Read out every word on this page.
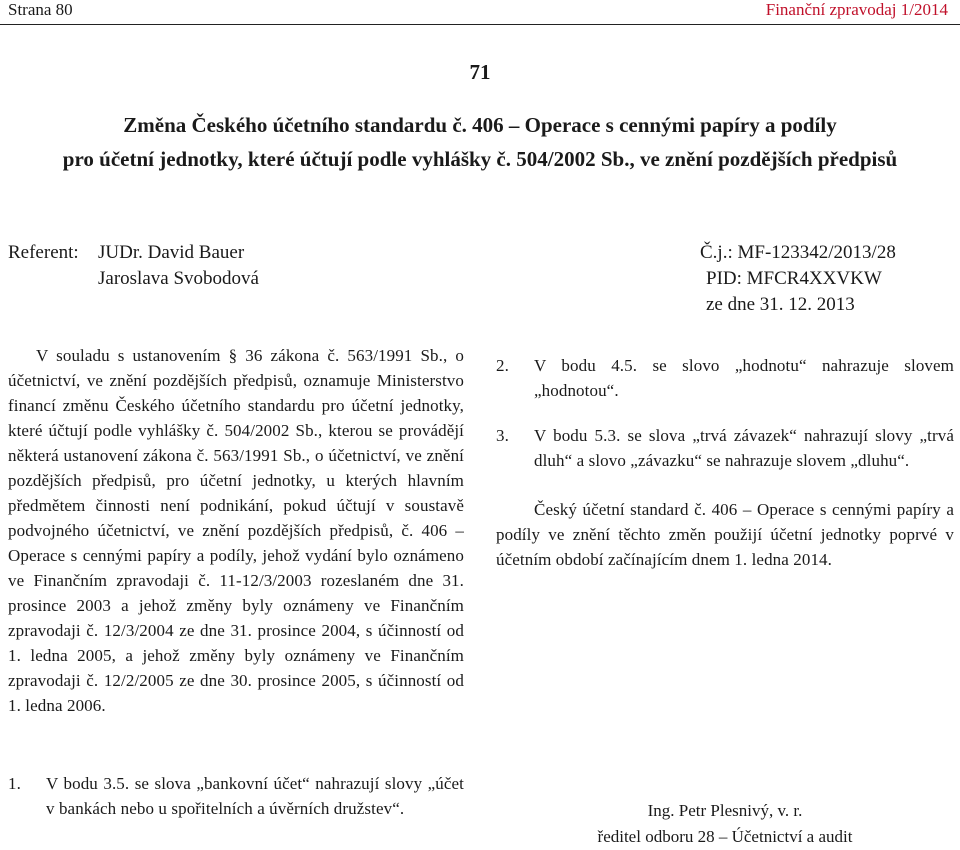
Strana 80	Finanční zpravodaj 1/2014
71
Změna Českého účetního standardu č. 406 – Operace s cennými papíry a podíly
pro účetní jednotky, které účtují podle vyhlášky č. 504/2002 Sb., ve znění pozdějších předpisů
Referent: JUDr. David Bauer
Jaroslava Svobodová
Č.j.: MF-123342/2013/28
PID: MFCR4XXVKW
ze dne 31. 12. 2013

V souladu s ustanovením § 36 zákona č. 563/1991 Sb., o účetnictví, ve znění pozdějších předpisů, oznamuje Ministerstvo financí změnu Českého účetního standardu pro účetní jednotky, které účtují podle vyhlášky č. 504/2002 Sb., kterou se provádějí některá ustanovení zákona č. 563/1991 Sb., o účetnictví, ve znění pozdějších předpisů, pro účetní jednotky, u kterých hlavním předmětem činnosti není podnikání, pokud účtují v soustavě podvojného účetnictví, ve znění pozdějších předpisů, č. 406 – Operace s cennými papíry a podíly, jehož vydání bylo oznámeno ve Finančním zpravodaji č. 11-12/3/2003 rozeslaném dne 31. prosince 2003 a jehož změny byly oznámeny ve Finančním zpravodaji č. 12/3/2004 ze dne 31. prosince 2004, s účinností od 1. ledna 2005, a jehož změny byly oznámeny ve Finančním zpravodaji č. 12/2/2005 ze dne 30. prosince 2005, s účinností od 1. ledna 2006.

1.	V bodu 3.5. se slova „bankovní účet“ nahrazují slovy „účet v bankách nebo u spořitelních a úvěrních družstev“.
2.	V bodu 4.5. se slovo „hodnotu“ nahrazuje slovem „hodnotou“.
3.	V bodu 5.3. se slova „trvá závazek“ nahrazují slovy „trvá dluh“ a slovo „závazku“ se nahrazuje slovem „dluhu“.

Český účetní standard č. 406 – Operace s cennými papíry a podíly ve znění těchto změn použijí účetní jednotky poprvé v účetním období začínajícím dnem 1. ledna 2014.

Ing. Petr Plesnivý, v. r.
ředitel odboru 28 – Účetnictví a audit
